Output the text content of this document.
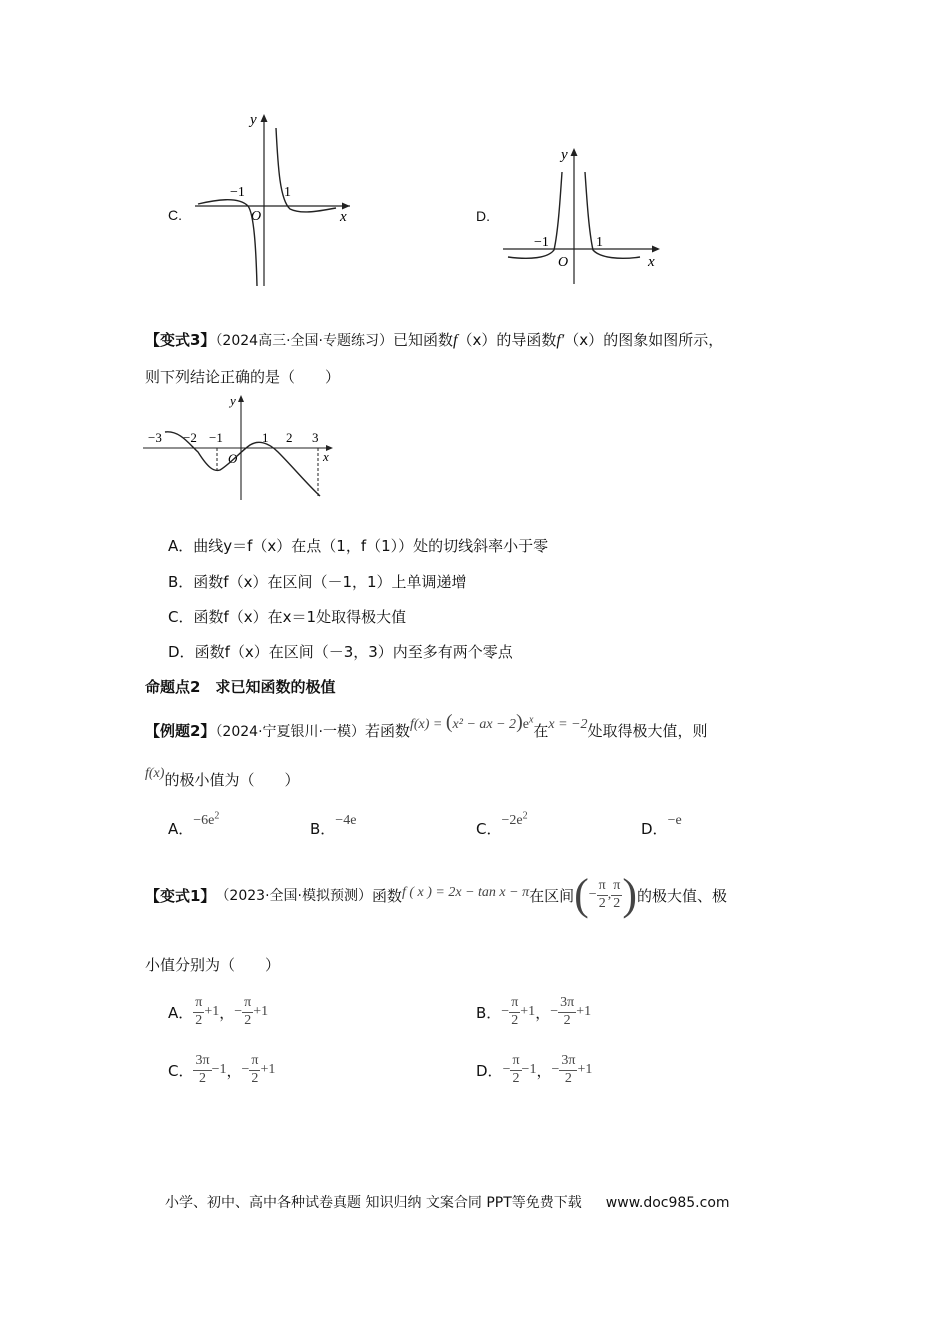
C.
y
x
O
−1	1
D.
y
x
O
−1	1
【变式3】（2024高三·全国·专题练习）已知函数f（x）的导函数f′（x）的图象如图所示，
则下列结论正确的是（　　）
y
x
O
−3 −2 −1	1 2 3
A．曲线y＝f（x）在点（1，f（1））处的切线斜率小于零
B．函数f（x）在区间（－1，1）上单调递增
C．函数f（x）在x＝1处取得极大值
D．函数f（x）在区间（－3，3）内至多有两个零点
命题点2　求已知函数的极值
【例题2】（2024·宁夏银川·一模）若函数f(x) = (x² − ax − $2)e^x$在x = −2处取得极大值，则
f(x)的极小值为（　　）
A．$-6e^2$
B．−4e	C．$-2e^2$
D．−e
【变式1】 （2023·全国·模拟预测） 函数 f ( x ) = 2x − tan x − π 在区间 ( − $\frac{\pi}{2}$ , $\frac{\pi}{2}$ ) 的极大值、极
小值分别为（　　）
A． $\frac{\pi}{2} +1$ ， − $\frac{\pi}{2} +1$	B． − $\frac{\pi}{2} +1$ ， − $\frac{3\pi}{2} +1$
C． $\frac{3\pi}{2} -1$ ， − $\frac{\pi}{2} +1$	D． − $\frac{\pi}{2} -1$ ， − $\frac{3\pi}{2} +1$
小学、初中、高中各种试卷真题 知识归纳 文案合同 PPT等免费下载 www.doc985.com
